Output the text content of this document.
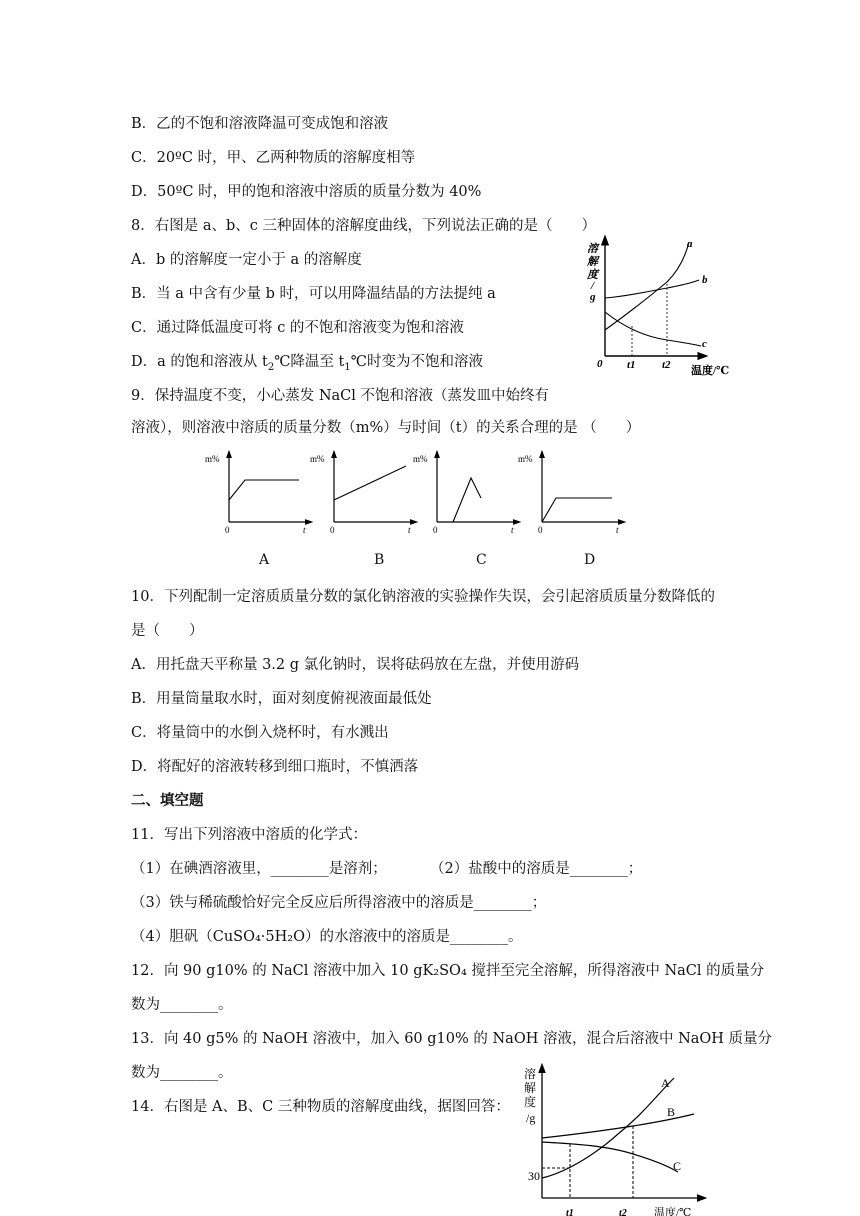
B．乙的不饱和溶液降温可变成饱和溶液
C．20ºC 时，甲、乙两种物质的溶解度相等
D．50ºC 时，甲的饱和溶液中溶质的质量分数为 40%
8．右图是 a、b、c 三种固体的溶解度曲线，下列说法正确的是（　　）
A．b 的溶解度一定小于 a 的溶解度
B．当 a 中含有少量 b 时，可以用降温结晶的方法提纯 a
C．通过降低温度可将 c 的不饱和溶液变为饱和溶液
D．a 的饱和溶液从 $t_2℃$降温至 $t_1℃$时变为不饱和溶液
9．保持温度不变，小心蒸发 NaCl 不饱和溶液（蒸发皿中始终有
溶液），则溶液中溶质的质量分数（m%）与时间（t）的关系合理的是 （　　）
10．下列配制一定溶质质量分数的氯化钠溶液的实验操作失误，会引起溶质质量分数降低的
是（　　）
A．用托盘天平称量 3.2 g 氯化钠时，误将砝码放在左盘，并使用游码
B．用量筒量取水时，面对刻度俯视液面最低处
C．将量筒中的水倒入烧杯时，有水溅出
D．将配好的溶液转移到细口瓶时，不慎洒落
二、填空题
11．写出下列溶液中溶质的化学式：
（1）在碘酒溶液里，________是溶剂；	（2）盐酸中的溶质是________；
（3）铁与稀硫酸恰好完全反应后所得溶液中的溶质是________；
（4）胆矾（CuSO₄·5H₂O）的水溶液中的溶质是________。
12．向 90 g10% 的 NaCl 溶液中加入 10 gK₂SO₄ 搅拌至完全溶解，所得溶液中 NaCl 的质量分
数为________。
13．向 40 g5% 的 NaOH 溶液中，加入 60 g10% 的 NaOH 溶液，混合后溶液中 NaOH 质量分
数为________。
14．右图是 A、B、C 三种物质的溶解度曲线，据图回答：
溶
解
度
/
g
0 t1 t2 温度/℃
a
b
c
m%
0	t
m%
0	t
m%
0	t
m%
0	t
A	B	C	D
溶
解
度
/g
30
t1	t2 温度/℃
A
B
C
